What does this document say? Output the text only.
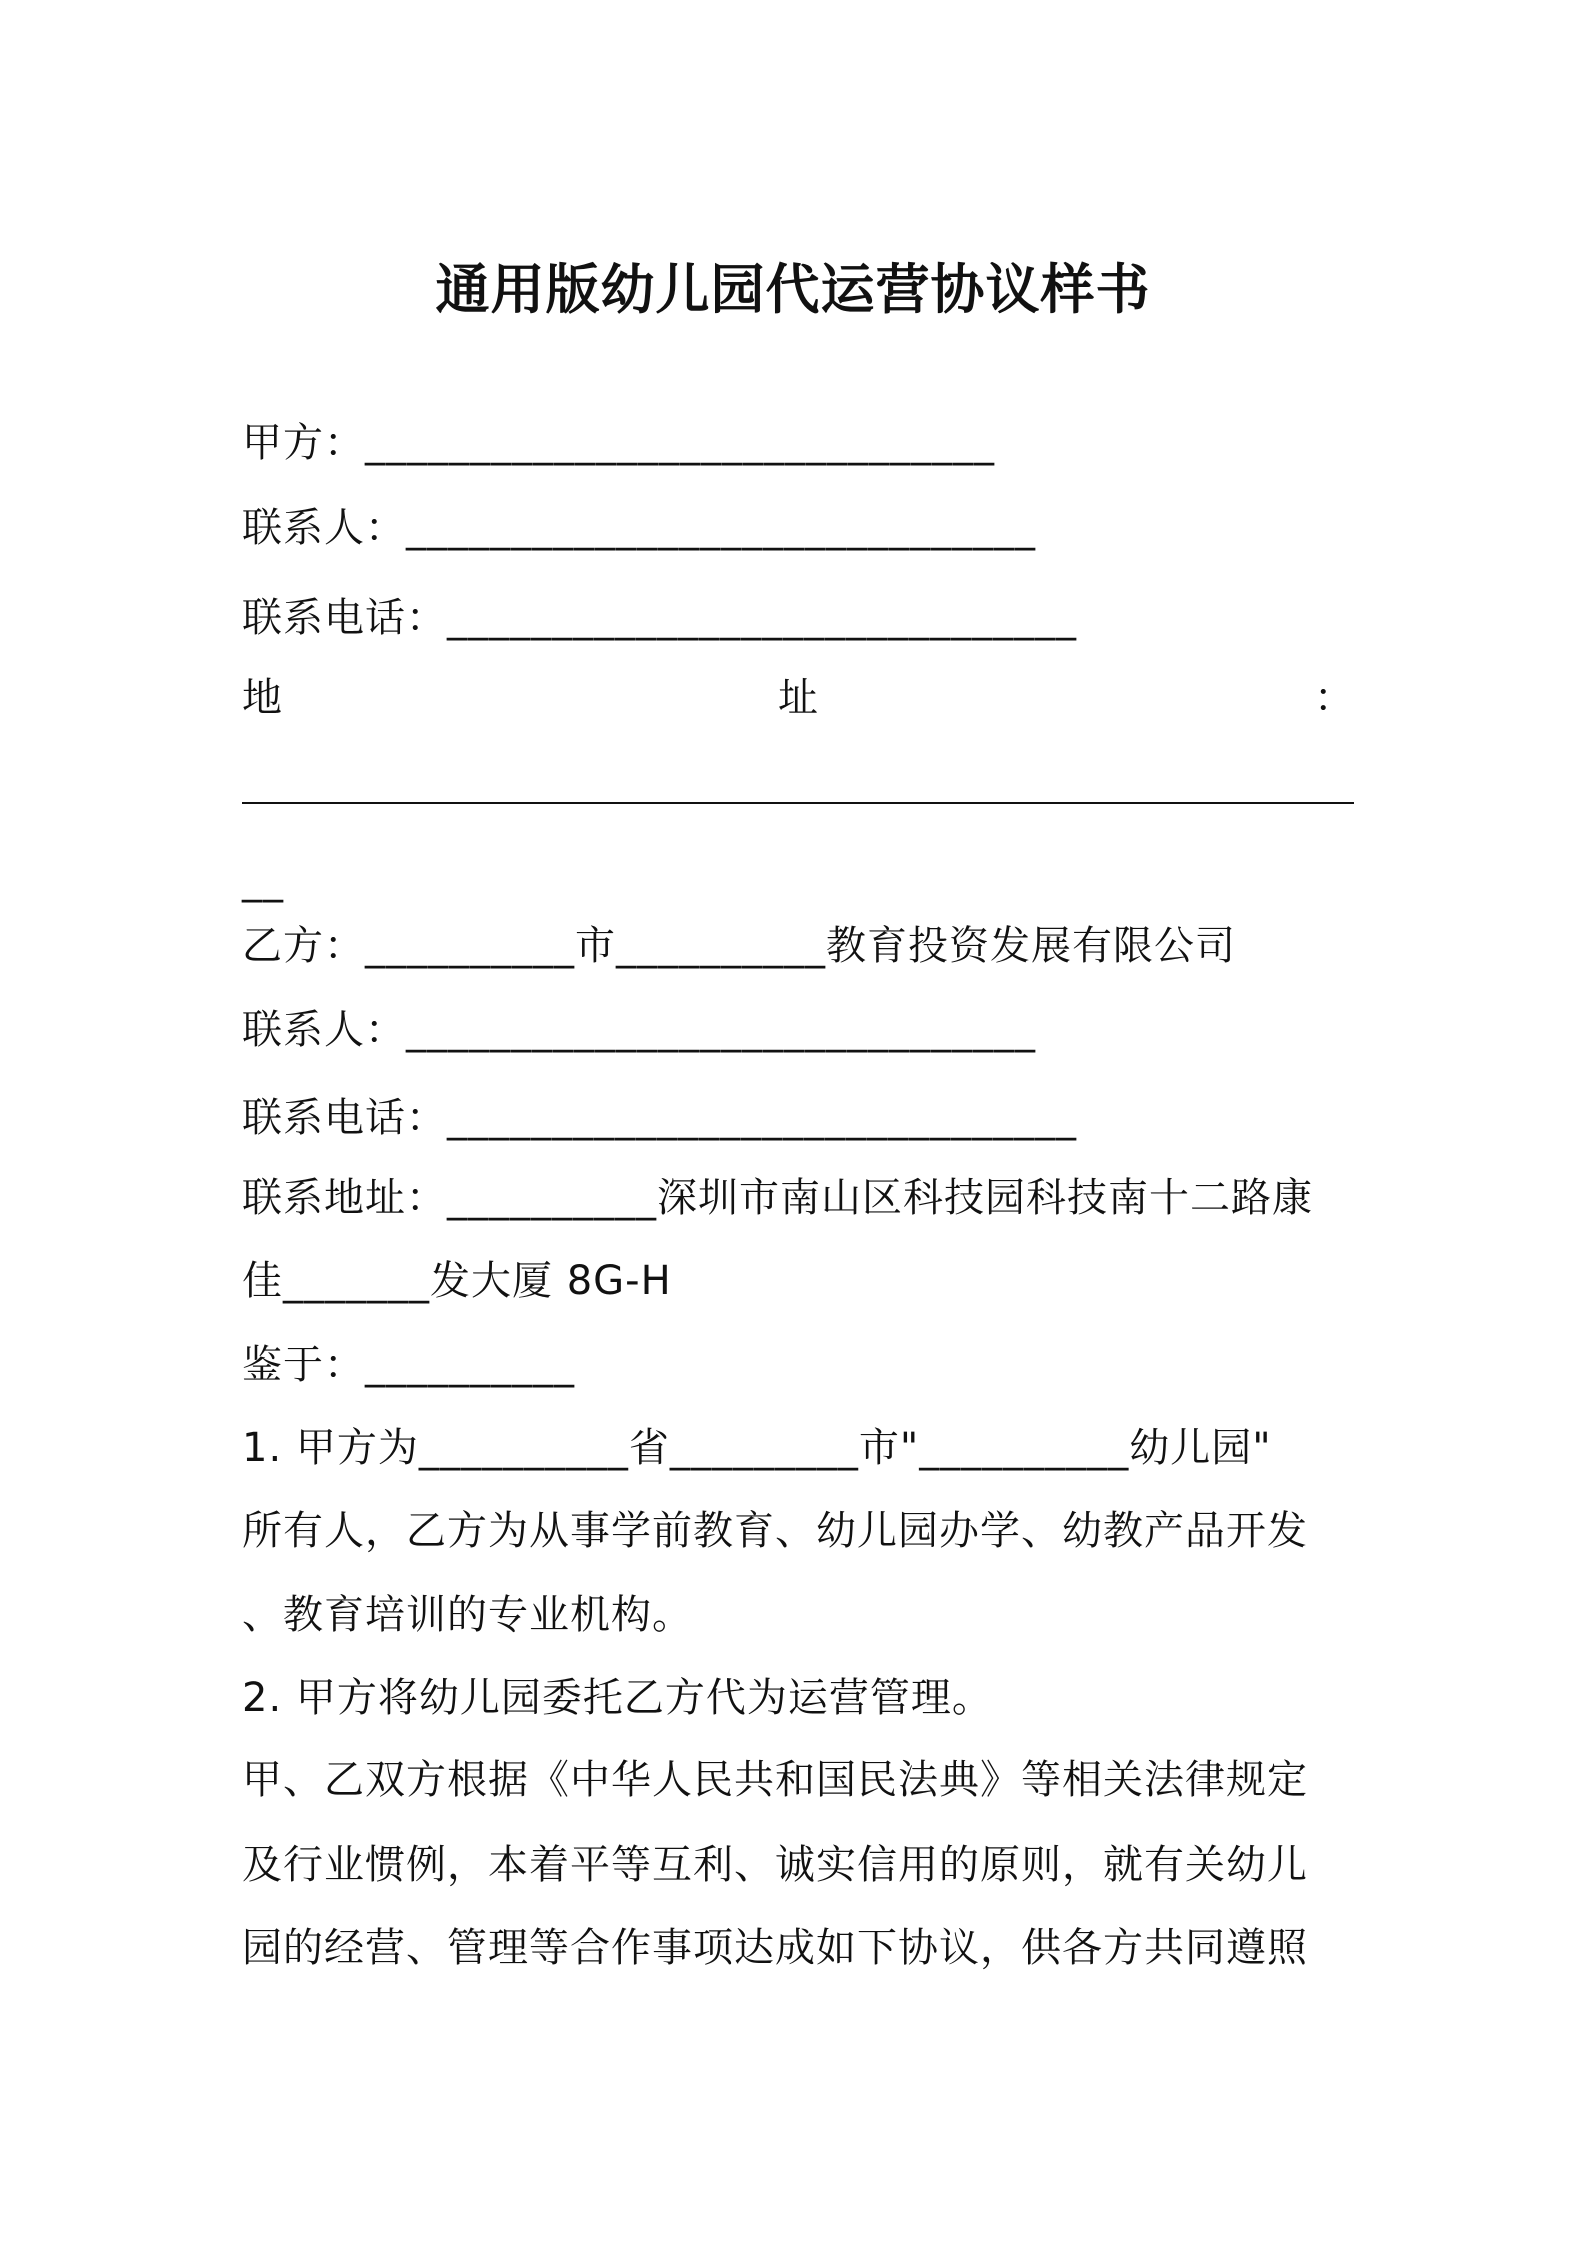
通用版幼儿园代运营协议样书
甲方：______________________________
联系人：______________________________
联系电话：______________________________
地	址	：
__
乙方：__________市__________教育投资发展有限公司
联系人：______________________________
联系电话：______________________________
联系地址：__________深圳市南山区科技园科技南十二路康
佳_______发大厦 8G-H
鉴于：__________
1. 甲方为__________省_________市"__________幼儿园"
所有人，乙方为从事学前教育、幼儿园办学、幼教产品开发
、教育培训的专业机构。
2. 甲方将幼儿园委托乙方代为运营管理。
甲、乙双方根据《中华人民共和国民法典》等相关法律规定
及行业惯例，本着平等互利、诚实信用的原则，就有关幼儿
园的经营、管理等合作事项达成如下协议，供各方共同遵照
